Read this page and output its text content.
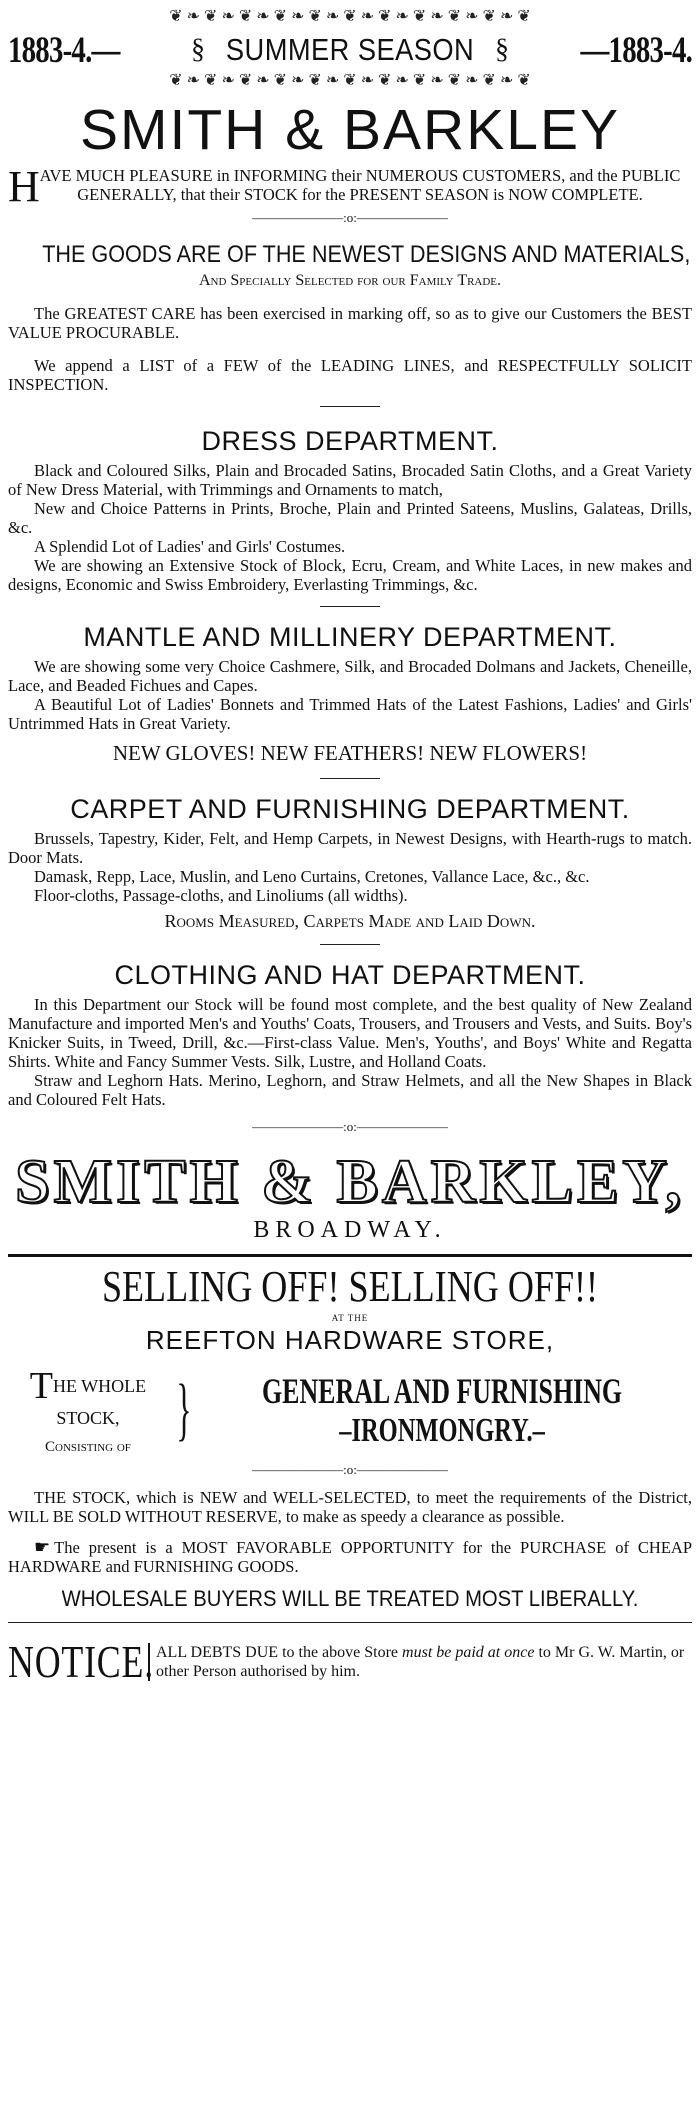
❦ ❧ ❦ ❧ ❦ ❧ ❦ ❧ ❦ ❧ ❦ ❧ ❦ ❧ ❦ ❧ ❦ ❧ ❦ ❧ ❦
1883-4.—	§ SUMMER SEASON § —1883-4.
❦ ❧ ❦ ❧ ❦ ❧ ❦ ❧ ❦ ❧ ❦ ❧ ❦ ❧ ❦ ❧ ❦ ❧ ❦ ❧ ❦
SMITH & BARKLEY
H AVE MUCH PLEASURE in INFORMING their NUMEROUS CUSTOMERS, and the PUBLIC GENERALLY, that their STOCK for the PRESENT SEASON is NOW COMPLETE.
———————:o:———————
THE GOODS ARE OF THE NEWEST DESIGNS AND MATERIALS,
And Specially Selected for our Family Trade.

The GREATEST CARE has been exercised in marking off, so as to give our Customers the BEST VALUE PROCURABLE.

We append a LIST of a FEW of the LEADING LINES, and RESPECTFULLY SOLICIT INSPECTION.

DRESS DEPARTMENT.

Black and Coloured Silks, Plain and Brocaded Satins, Brocaded Satin Cloths, and a Great Variety of New Dress Material, with Trimmings and Ornaments to match,

New and Choice Patterns in Prints, Broche, Plain and Printed Sateens, Muslins, Galateas, Drills, &c.

A Splendid Lot of Ladies' and Girls' Costumes.

We are showing an Extensive Stock of Block, Ecru, Cream, and White Laces, in new makes and designs, Economic and Swiss Embroidery, Everlasting Trimmings, &c.

MANTLE AND MILLINERY DEPARTMENT.

We are showing some very Choice Cashmere, Silk, and Brocaded Dolmans and Jackets, Cheneille, Lace, and Beaded Fichues and Capes.

A Beautiful Lot of Ladies' Bonnets and Trimmed Hats of the Latest Fashions, Ladies' and Girls' Untrimmed Hats in Great Variety.

NEW GLOVES! NEW FEATHERS! NEW FLOWERS!
CARPET AND FURNISHING DEPARTMENT.

Brussels, Tapestry, Kider, Felt, and Hemp Carpets, in Newest Designs, with Hearth-rugs to match. Door Mats.

Damask, Repp, Lace, Muslin, and Leno Curtains, Cretones, Vallance Lace, &c., &c.

Floor-cloths, Passage-cloths, and Linoliums (all widths).

Rooms Measured, Carpets Made and Laid Down.
CLOTHING AND HAT DEPARTMENT.

In this Department our Stock will be found most complete, and the best quality of New Zealand Manufacture and imported Men's and Youths' Coats, Trousers, and Trousers and Vests, and Suits. Boy's Knicker Suits, in Tweed, Drill, &c.—First-class Value. Men's, Youths', and Boys' White and Regatta Shirts. White and Fancy Summer Vests. Silk, Lustre, and Holland Coats.

Straw and Leghorn Hats. Merino, Leghorn, and Straw Helmets, and all the New Shapes in Black and Coloured Felt Hats.

———————:o:———————
SMITH & BARKLEY,
BROADWAY.
SELLING OFF! SELLING OFF!!
AT THE
REEFTON HARDWARE STORE,
THE WHOLE STOCK,
Consisting of } GENERAL AND FURNISHING
–IRONMONGRY.–
———————:o:———————

THE STOCK, which is NEW and WELL-SELECTED, to meet the requirements of the District, WILL BE SOLD WITHOUT RESERVE, to make as speedy a clearance as possible.

☛ The present is a MOST FAVORABLE OPPORTUNITY for the PURCHASE of CHEAP HARDWARE and FURNISHING GOODS.

WHOLESALE BUYERS WILL BE TREATED MOST LIBERALLY.
NOTICE. ALL DEBTS DUE to the above Store must be paid at once to Mr G. W. Martin, or other Person authorised by him.
